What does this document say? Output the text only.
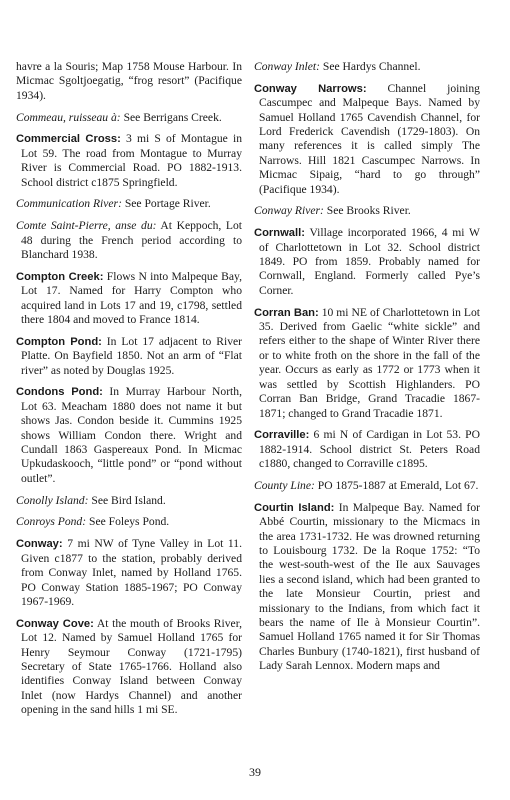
havre a la Souris; Map 1758 Mouse Harbour. In Micmac Sgoltjoegatig, “frog resort” (Pacifique 1934).

Commeau, ruisseau à: See Berrigans Creek.

Commercial Cross: 3 mi S of Montague in Lot 59. The road from Montague to Murray River is Commercial Road. PO 1882-1913. School district c1875 Springfield.

Communication River: See Portage River.

Comte Saint-Pierre, anse du: At Keppoch, Lot 48 during the French period according to Blanchard 1938.

Compton Creek: Flows N into Malpeque Bay, Lot 17. Named for Harry Compton who acquired land in Lots 17 and 19, c1798, settled there 1804 and moved to France 1814.

Compton Pond: In Lot 17 adjacent to River Platte. On Bayfield 1850. Not an arm of “Flat river” as noted by Douglas 1925.

Condons Pond: In Murray Harbour North, Lot 63. Meacham 1880 does not name it but shows Jas. Condon beside it. Cummins 1925 shows William Condon there. Wright and Cundall 1863 Gaspereaux Pond. In Micmac Upkudaskooch, “little pond” or “pond without outlet”.

Conolly Island: See Bird Island.

Conroys Pond: See Foleys Pond.

Conway: 7 mi NW of Tyne Valley in Lot 11. Given c1877 to the station, probably derived from Conway Inlet, named by Holland 1765. PO Conway Station 1885-1967; PO Conway 1967-1969.

Conway Cove: At the mouth of Brooks River, Lot 12. Named by Samuel Holland 1765 for Henry Seymour Conway (1721-1795) Secretary of State 1765-1766. Holland also identifies Conway Island between Conway Inlet (now Hardys Channel) and another opening in the sand hills 1 mi SE.

Conway Inlet: See Hardys Channel.

Conway Narrows: Channel joining Cascumpec and Malpeque Bays. Named by Samuel Holland 1765 Cavendish Channel, for Lord Frederick Cavendish (1729-1803). On many references it is called simply The Narrows. Hill 1821 Cascumpec Narrows. In Micmac Sipaig, “hard to go through” (Pacifique 1934).

Conway River: See Brooks River.

Cornwall: Village incorporated 1966, 4 mi W of Charlottetown in Lot 32. School district 1849. PO from 1859. Probably named for Cornwall, England. Formerly called Pye’s Corner.

Corran Ban: 10 mi NE of Charlottetown in Lot 35. Derived from Gaelic “white sickle” and refers either to the shape of Winter River there or to white froth on the shore in the fall of the year. Occurs as early as 1772 or 1773 when it was settled by Scottish Highlanders. PO Corran Ban Bridge, Grand Tracadie 1867-1871; changed to Grand Tracadie 1871.

Corraville: 6 mi N of Cardigan in Lot 53. PO 1882-1914. School district St. Peters Road c1880, changed to Corraville c1895.

County Line: PO 1875-1887 at Emerald, Lot 67.

Courtin Island: In Malpeque Bay. Named for Abbé Courtin, missionary to the Micmacs in the area 1731-1732. He was drowned returning to Louisbourg 1732. De la Roque 1752: “To the west-south-west of the Ile aux Sauvages lies a second island, which had been granted to the late Monsieur Courtin, priest and missionary to the Indians, from which fact it bears the name of Ile à Monsieur Courtin”. Samuel Holland 1765 named it for Sir Thomas Charles Bunbury (1740-1821), first husband of Lady Sarah Lennox. Modern maps and

39
